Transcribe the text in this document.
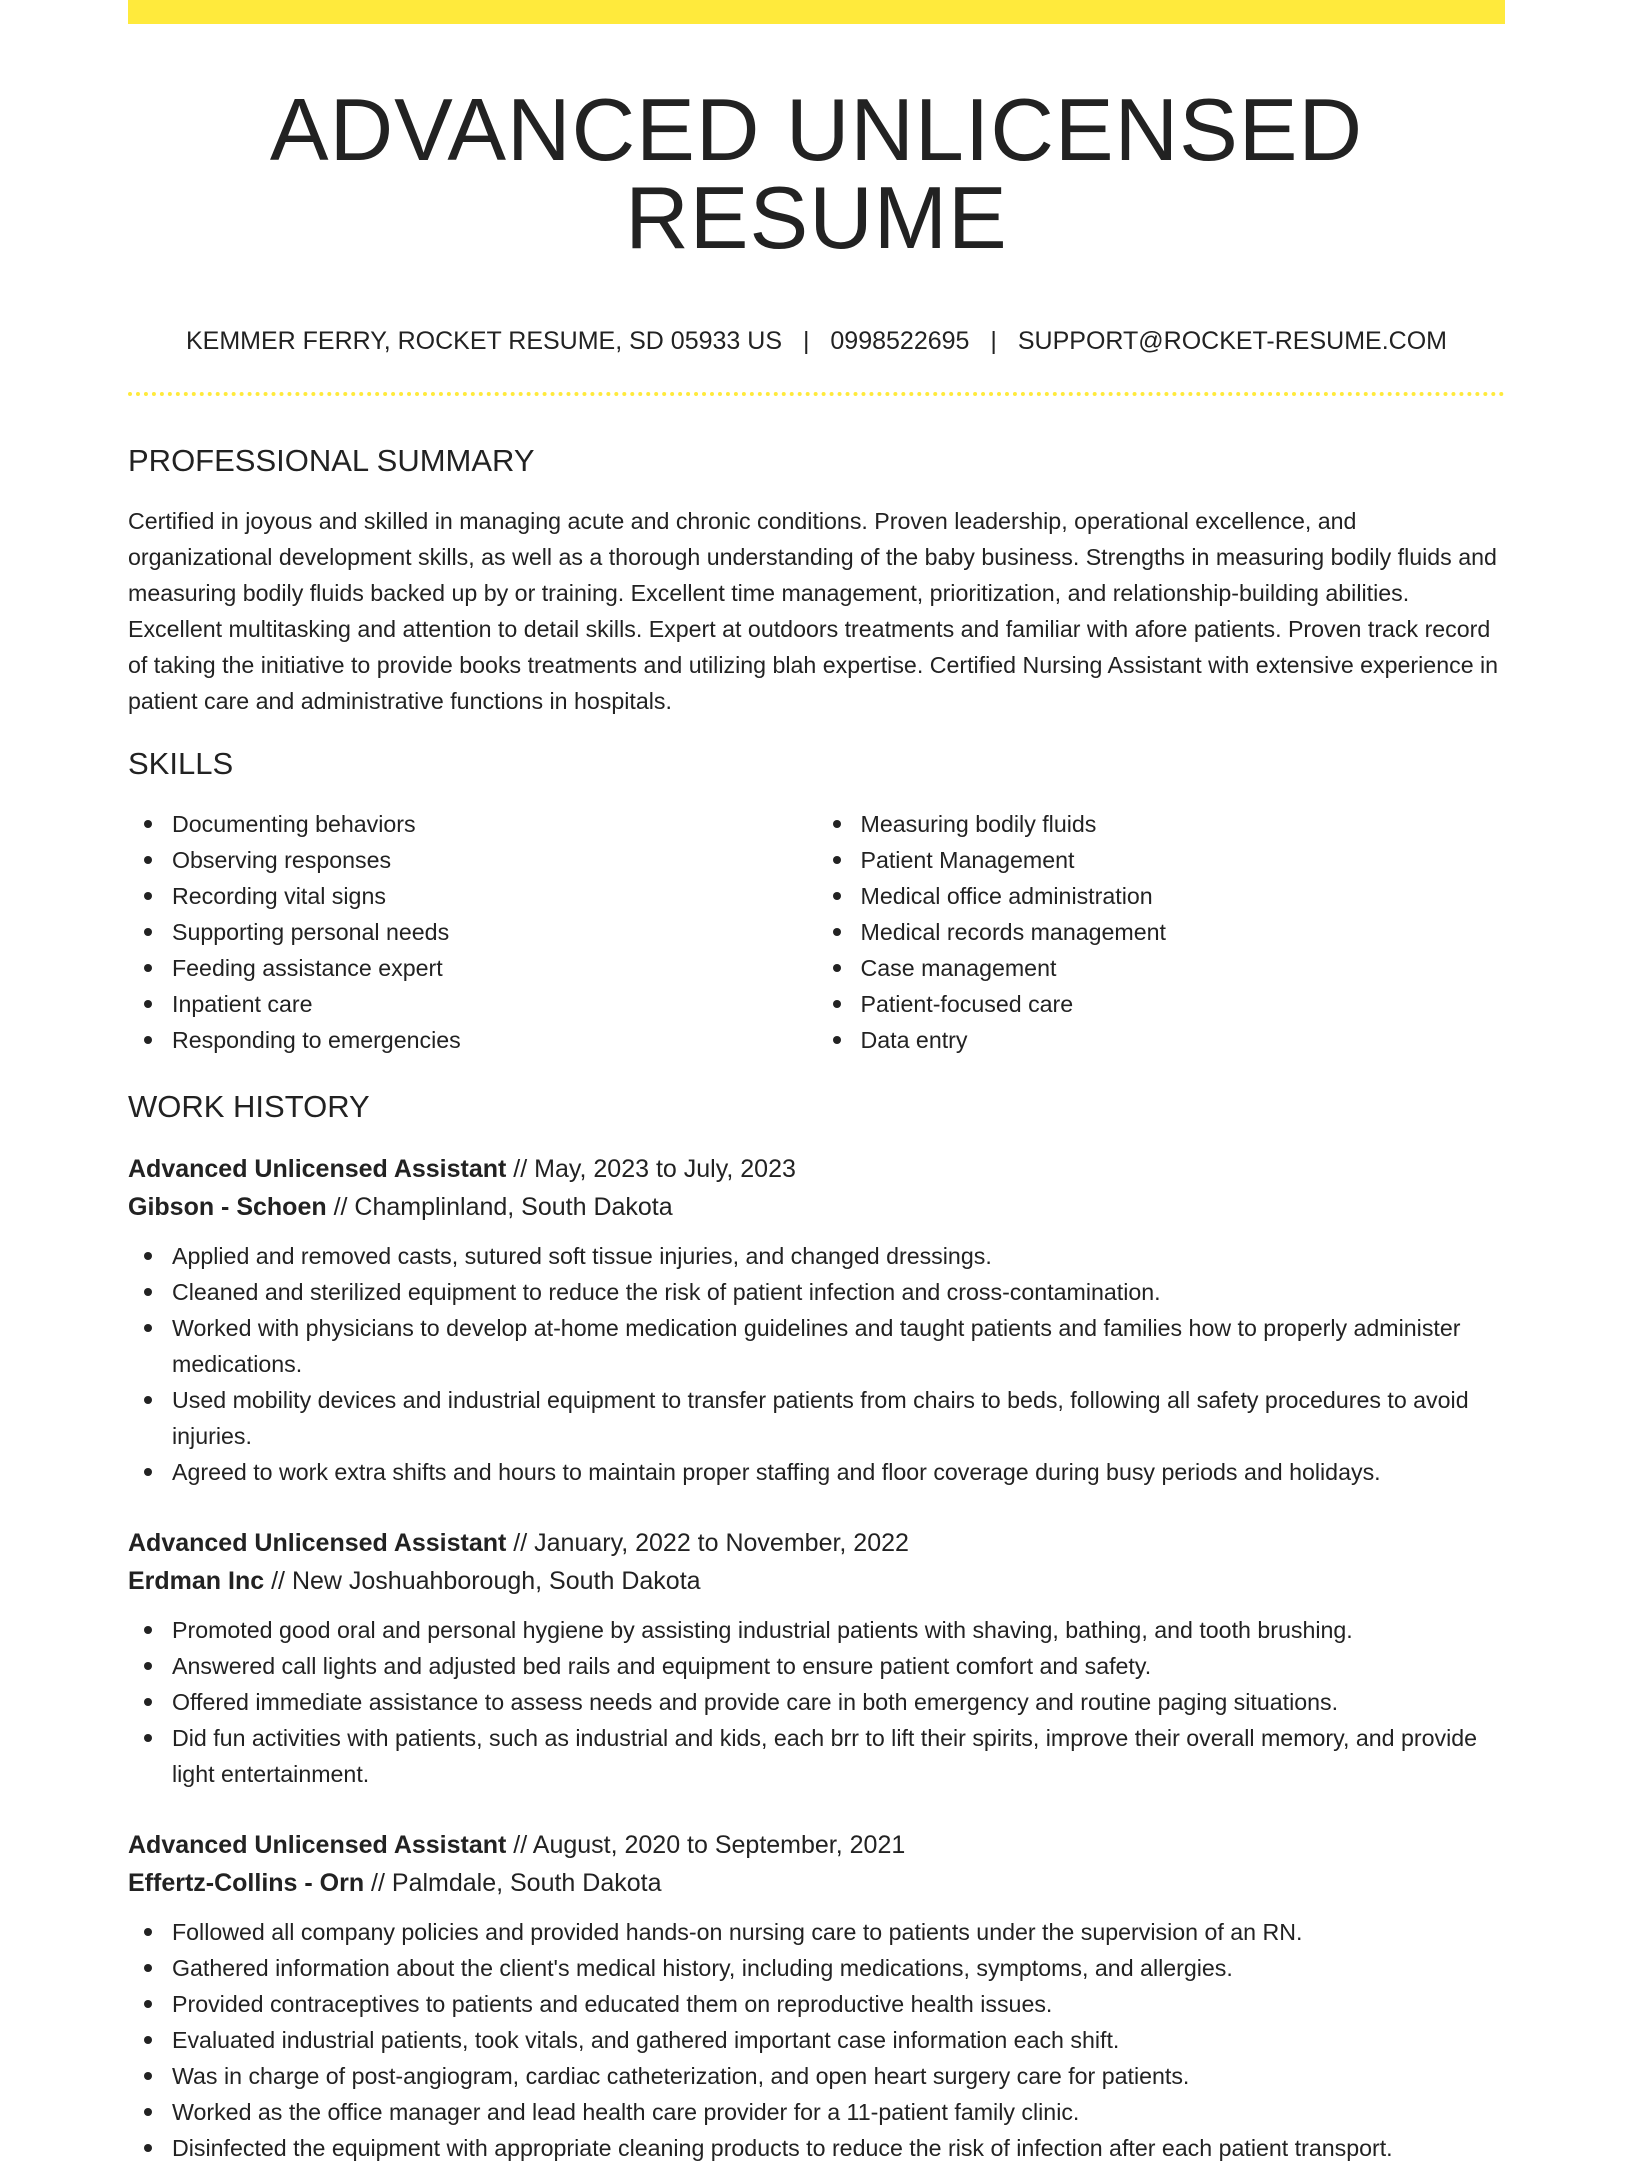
ADVANCED UNLICENSED RESUME
KEMMER FERRY, ROCKET RESUME, SD 05933 US | 0998522695 | SUPPORT@ROCKET-RESUME.COM
PROFESSIONAL SUMMARY

Certified in joyous and skilled in managing acute and chronic conditions. Proven leadership, operational excellence, and organizational development skills, as well as a thorough understanding of the baby business. Strengths in measuring bodily fluids and measuring bodily fluids backed up by or training. Excellent time management, prioritization, and relationship-building abilities. Excellent multitasking and attention to detail skills. Expert at outdoors treatments and familiar with afore patients. Proven track record of taking the initiative to provide books treatments and utilizing blah expertise. Certified Nursing Assistant with extensive experience in patient care and administrative functions in hospitals.

SKILLS
Documenting behaviors
Observing responses
Recording vital signs
Supporting personal needs
Feeding assistance expert
Inpatient care
Responding to emergencies
Measuring bodily fluids
Patient Management
Medical office administration
Medical records management
Case management
Patient-focused care
Data entry
WORK HISTORY
Advanced Unlicensed Assistant // May, 2023 to July, 2023
Gibson - Schoen // Champlinland, South Dakota
Applied and removed casts, sutured soft tissue injuries, and changed dressings.
Cleaned and sterilized equipment to reduce the risk of patient infection and cross-contamination.
Worked with physicians to develop at-home medication guidelines and taught patients and families how to properly administer medications.
Used mobility devices and industrial equipment to transfer patients from chairs to beds, following all safety procedures to avoid injuries.
Agreed to work extra shifts and hours to maintain proper staffing and floor coverage during busy periods and holidays.
Advanced Unlicensed Assistant // January, 2022 to November, 2022
Erdman Inc // New Joshuahborough, South Dakota
Promoted good oral and personal hygiene by assisting industrial patients with shaving, bathing, and tooth brushing.
Answered call lights and adjusted bed rails and equipment to ensure patient comfort and safety.
Offered immediate assistance to assess needs and provide care in both emergency and routine paging situations.
Did fun activities with patients, such as industrial and kids, each brr to lift their spirits, improve their overall memory, and provide light entertainment.
Advanced Unlicensed Assistant // August, 2020 to September, 2021
Effertz-Collins - Orn // Palmdale, South Dakota
Followed all company policies and provided hands-on nursing care to patients under the supervision of an RN.
Gathered information about the client's medical history, including medications, symptoms, and allergies.
Provided contraceptives to patients and educated them on reproductive health issues.
Evaluated industrial patients, took vitals, and gathered important case information each shift.
Was in charge of post-angiogram, cardiac catheterization, and open heart surgery care for patients.
Worked as the office manager and lead health care provider for a 11-patient family clinic.
Disinfected the equipment with appropriate cleaning products to reduce the risk of infection after each patient transport.
